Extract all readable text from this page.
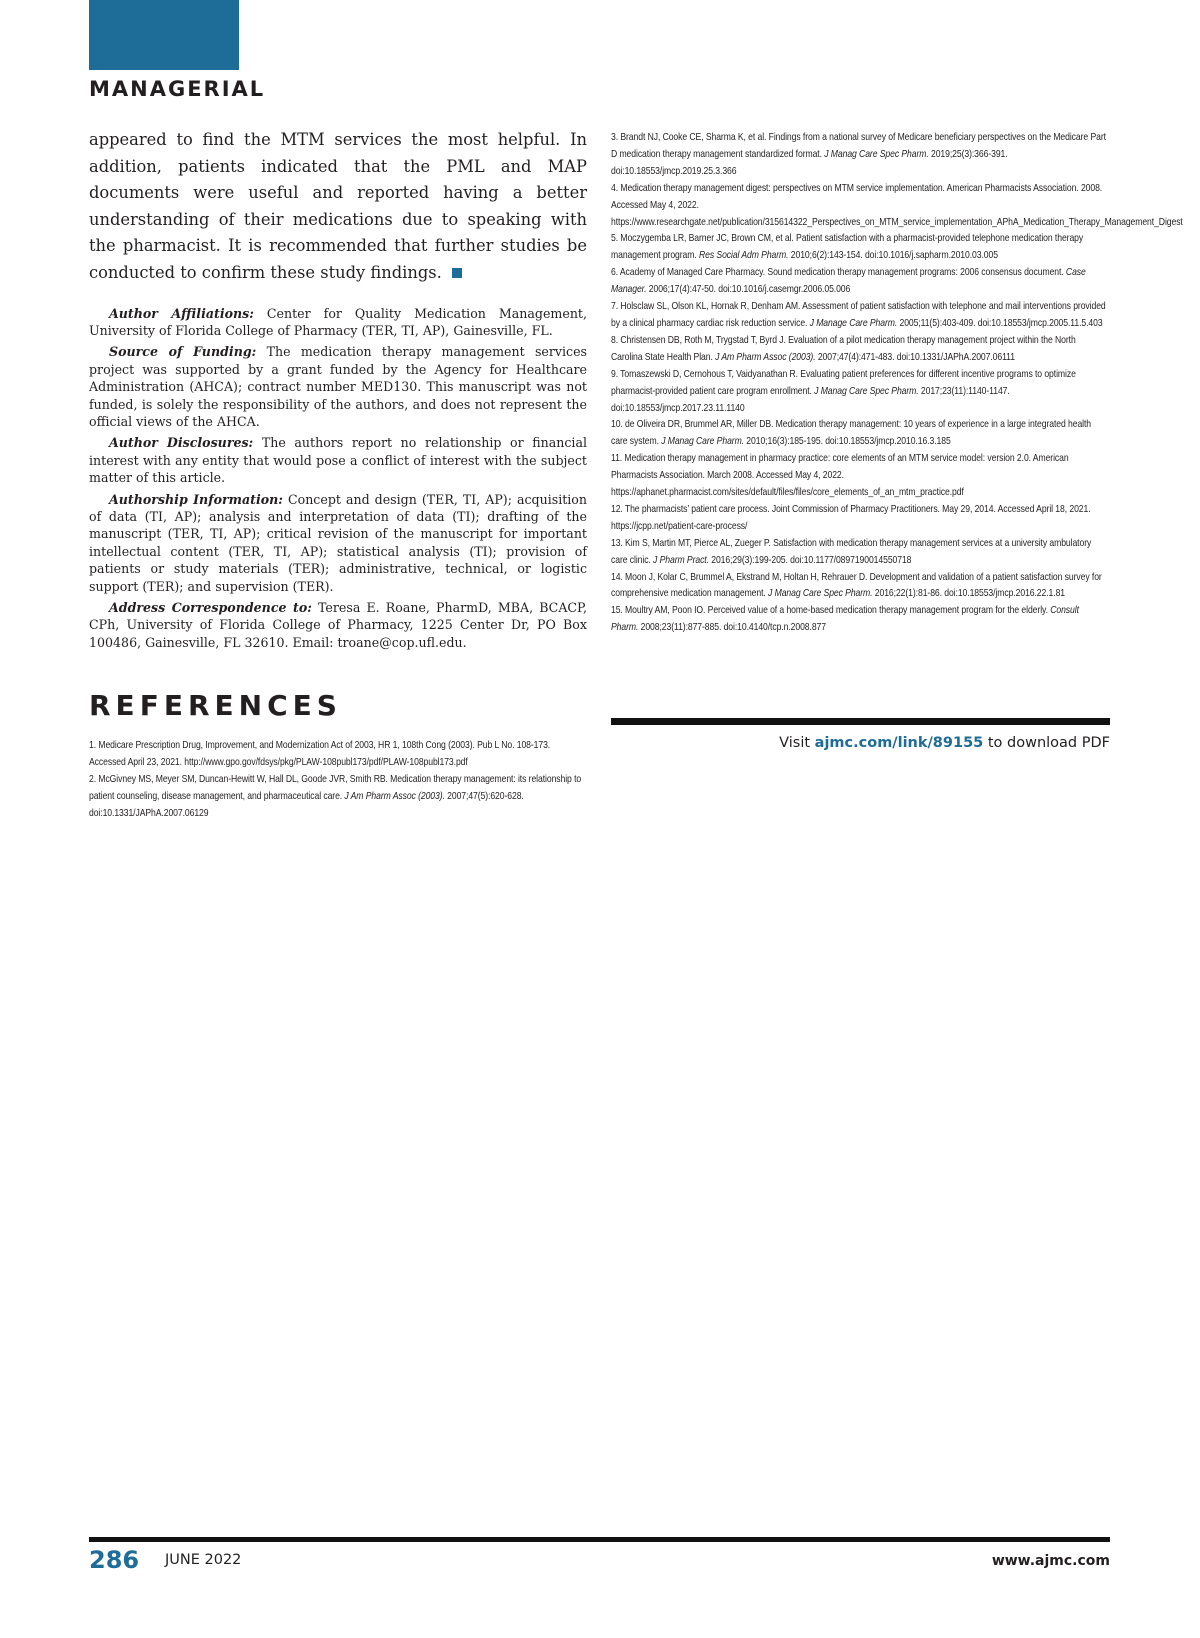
MANAGERIAL

appeared to find the MTM services the most helpful. In addition, patients indicated that the PML and MAP documents were useful and reported having a better understanding of their medications due to speaking with the pharmacist. It is recommended that further studies be conducted to confirm these study findings.

Author Affiliations: Center for Quality Medication Management, University of Florida College of Pharmacy (TER, TI, AP), Gainesville, FL.

Source of Funding: The medication therapy management services project was supported by a grant funded by the Agency for Healthcare Administration (AHCA); contract number MED130. This manuscript was not funded, is solely the responsibility of the authors, and does not represent the official views of the AHCA.

Author Disclosures: The authors report no relationship or financial interest with any entity that would pose a conflict of interest with the subject matter of this article.

Authorship Information: Concept and design (TER, TI, AP); acquisition of data (TI, AP); analysis and interpretation of data (TI); drafting of the manuscript (TER, TI, AP); critical revision of the manuscript for important intellectual content (TER, TI, AP); statistical analysis (TI); provision of patients or study materials (TER); administrative, technical, or logistic support (TER); and supervision (TER).

Address Correspondence to: Teresa E. Roane, PharmD, MBA, BCACP, CPh, University of Florida College of Pharmacy, 1225 Center Dr, PO Box 100486, Gainesville, FL 32610. Email: troane@cop.ufl.edu.

REFERENCES

1. Medicare Prescription Drug, Improvement, and Modernization Act of 2003, HR 1, 108th Cong (2003). Pub L No. 108-173. Accessed April 23, 2021. http://www.gpo.gov/fdsys/pkg/PLAW-108publ173/pdf/PLAW-108publ173.pdf

2. McGivney MS, Meyer SM, Duncan-Hewitt W, Hall DL, Goode JVR, Smith RB. Medication therapy management: its relationship to patient counseling, disease management, and pharmaceutical care. J Am Pharm Assoc (2003). 2007;47(5):620-628. doi:10.1331/JAPhA.2007.06129

3. Brandt NJ, Cooke CE, Sharma K, et al. Findings from a national survey of Medicare beneficiary perspectives on the Medicare Part D medication therapy management standardized format. J Manag Care Spec Pharm. 2019;25(3):366-391. doi:10.18553/jmcp.2019.25.3.366

4. Medication therapy management digest: perspectives on MTM service implementation. American Pharmacists Association. 2008. Accessed May 4, 2022. https://www.researchgate.net/publication/315614322_Perspectives_on_MTM_service_implementation_APhA_Medication_Therapy_Management_Digest

5. Moczygemba LR, Barner JC, Brown CM, et al. Patient satisfaction with a pharmacist-provided telephone medication therapy management program. Res Social Adm Pharm. 2010;6(2):143-154. doi:10.1016/j.sapharm.2010.03.005

6. Academy of Managed Care Pharmacy. Sound medication therapy management programs: 2006 consensus document. Case Manager. 2006;17(4):47-50. doi:10.1016/j.casemgr.2006.05.006

7. Holsclaw SL, Olson KL, Hornak R, Denham AM. Assessment of patient satisfaction with telephone and mail interventions provided by a clinical pharmacy cardiac risk reduction service. J Manage Care Pharm. 2005;11(5):403-409. doi:10.18553/jmcp.2005.11.5.403

8. Christensen DB, Roth M, Trygstad T, Byrd J. Evaluation of a pilot medication therapy management project within the North Carolina State Health Plan. J Am Pharm Assoc (2003). 2007;47(4):471-483. doi:10.1331/JAPhA.2007.06111

9. Tomaszewski D, Cernohous T, Vaidyanathan R. Evaluating patient preferences for different incentive programs to optimize pharmacist-provided patient care program enrollment. J Manag Care Spec Pharm. 2017;23(11):1140-1147. doi:10.18553/jmcp.2017.23.11.1140

10. de Oliveira DR, Brummel AR, Miller DB. Medication therapy management: 10 years of experience in a large integrated health care system. J Manag Care Pharm. 2010;16(3):185-195. doi:10.18553/jmcp.2010.16.3.185

11. Medication therapy management in pharmacy practice: core elements of an MTM service model: version 2.0. American Pharmacists Association. March 2008. Accessed May 4, 2022. https://aphanet.pharmacist.com/sites/default/files/files/core_elements_of_an_mtm_practice.pdf

12. The pharmacists’ patient care process. Joint Commission of Pharmacy Practitioners. May 29, 2014. Accessed April 18, 2021. https://jcpp.net/patient-care-process/

13. Kim S, Martin MT, Pierce AL, Zueger P. Satisfaction with medication therapy management services at a university ambulatory care clinic. J Pharm Pract. 2016;29(3):199-205. doi:10.1177/0897190014550718

14. Moon J, Kolar C, Brummel A, Ekstrand M, Holtan H, Rehrauer D. Development and validation of a patient satisfaction survey for comprehensive medication management. J Manag Care Spec Pharm. 2016;22(1):81-86. doi:10.18553/jmcp.2016.22.1.81

15. Moultry AM, Poon IO. Perceived value of a home-based medication therapy management program for the elderly. Consult Pharm. 2008;23(11):877-885. doi:10.4140/tcp.n.2008.877

Visit ajmc.com/link/89155 to download PDF
286 JUNE 2022	www.ajmc.com
